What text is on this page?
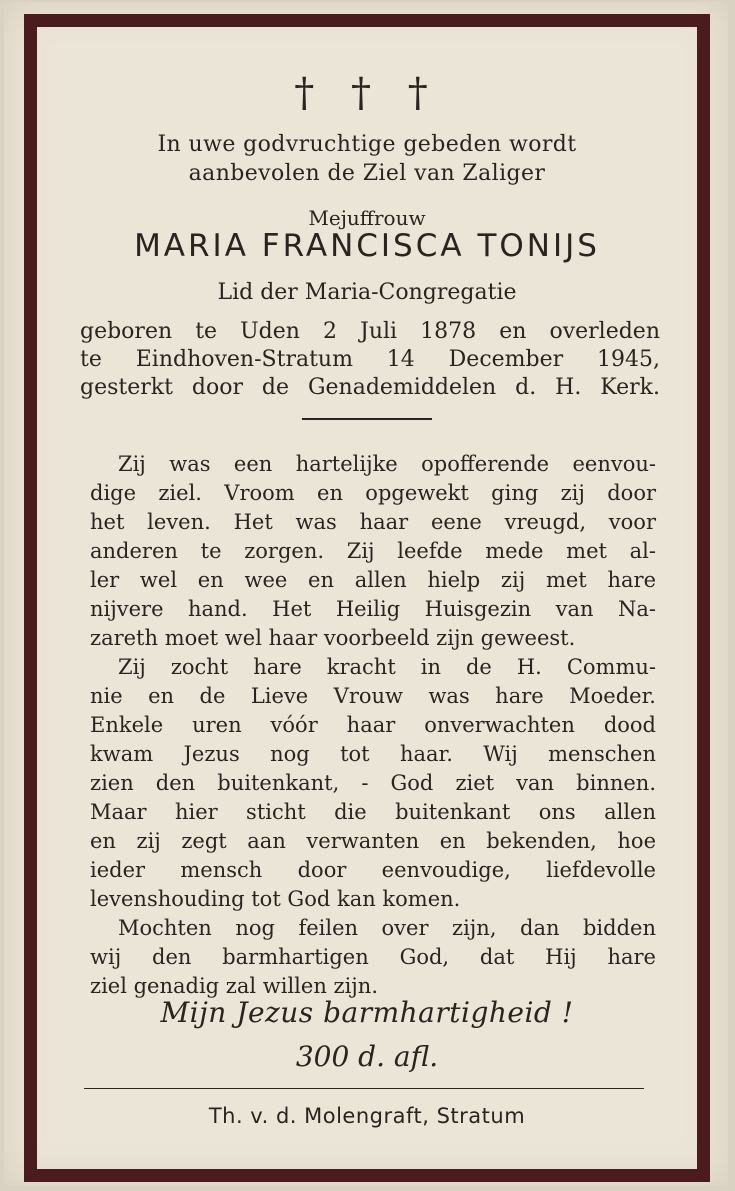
† † †
In uwe godvruchtige gebeden wordt
aanbevolen de Ziel van Zaliger
Mejuffrouw
MARIA FRANCISCA TONIJS
Lid der Maria-Congregatie
geboren te Uden 2 Juli 1878 en overleden
te Eindhoven-Stratum 14 December 1945,
gesterkt door de Genademiddelen d. H. Kerk.
Zij was een hartelijke opofferende eenvou-
dige ziel. Vroom en opgewekt ging zij door
het leven. Het was haar eene vreugd, voor
anderen te zorgen. Zij leefde mede met al-
ler wel en wee en allen hielp zij met hare
nijvere hand. Het Heilig Huisgezin van Na-
zareth moet wel haar voorbeeld zijn geweest.
Zij zocht hare kracht in de H. Commu-
nie en de Lieve Vrouw was hare Moeder.
Enkele uren vóór haar onverwachten dood
kwam Jezus nog tot haar. Wij menschen
zien den buitenkant, - God ziet van binnen.
Maar hier sticht die buitenkant ons allen
en zij zegt aan verwanten en bekenden, hoe
ieder mensch door eenvoudige, liefdevolle
levenshouding tot God kan komen.
Mochten nog feilen over zijn, dan bidden
wij den barmhartigen God, dat Hij hare
ziel genadig zal willen zijn.
Mijn Jezus barmhartigheid !
300 d. afl.
Th. v. d. Molengraft, Stratum
